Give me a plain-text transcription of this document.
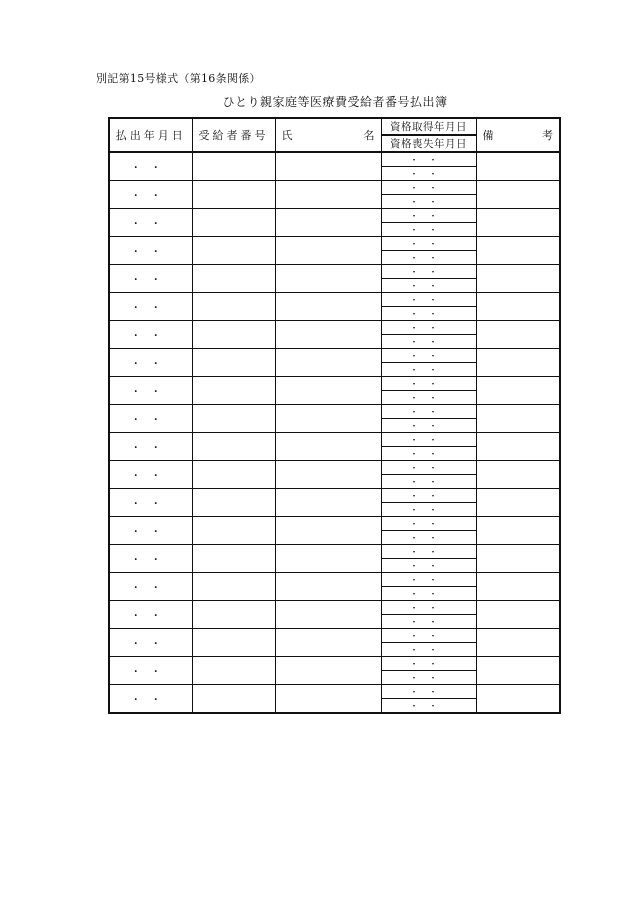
別記第15号様式（第16条関係）
ひとり親家庭等医療費受給者番号払出簿
払出年月日	受給者番号	氏 名	資格取得年月日	備 考

			資格喪失年月日	
・・			・・	
			・・	
・・			・・	
			・・	
・・			・・	
			・・	
・・			・・	
			・・	
・・			・・	
			・・	
・・			・・	
			・・	
・・			・・	
			・・	
・・			・・	
			・・	
・・			・・	
			・・	
・・			・・	
			・・	
・・			・・	
			・・	
・・			・・	
			・・	
・・			・・	
			・・	
・・			・・	
			・・	
・・			・・	
			・・	
・・			・・	
			・・	
・・			・・	
			・・	
・・			・・	
			・・	
・・			・・	
			・・	
・・			・・	
			・・	
